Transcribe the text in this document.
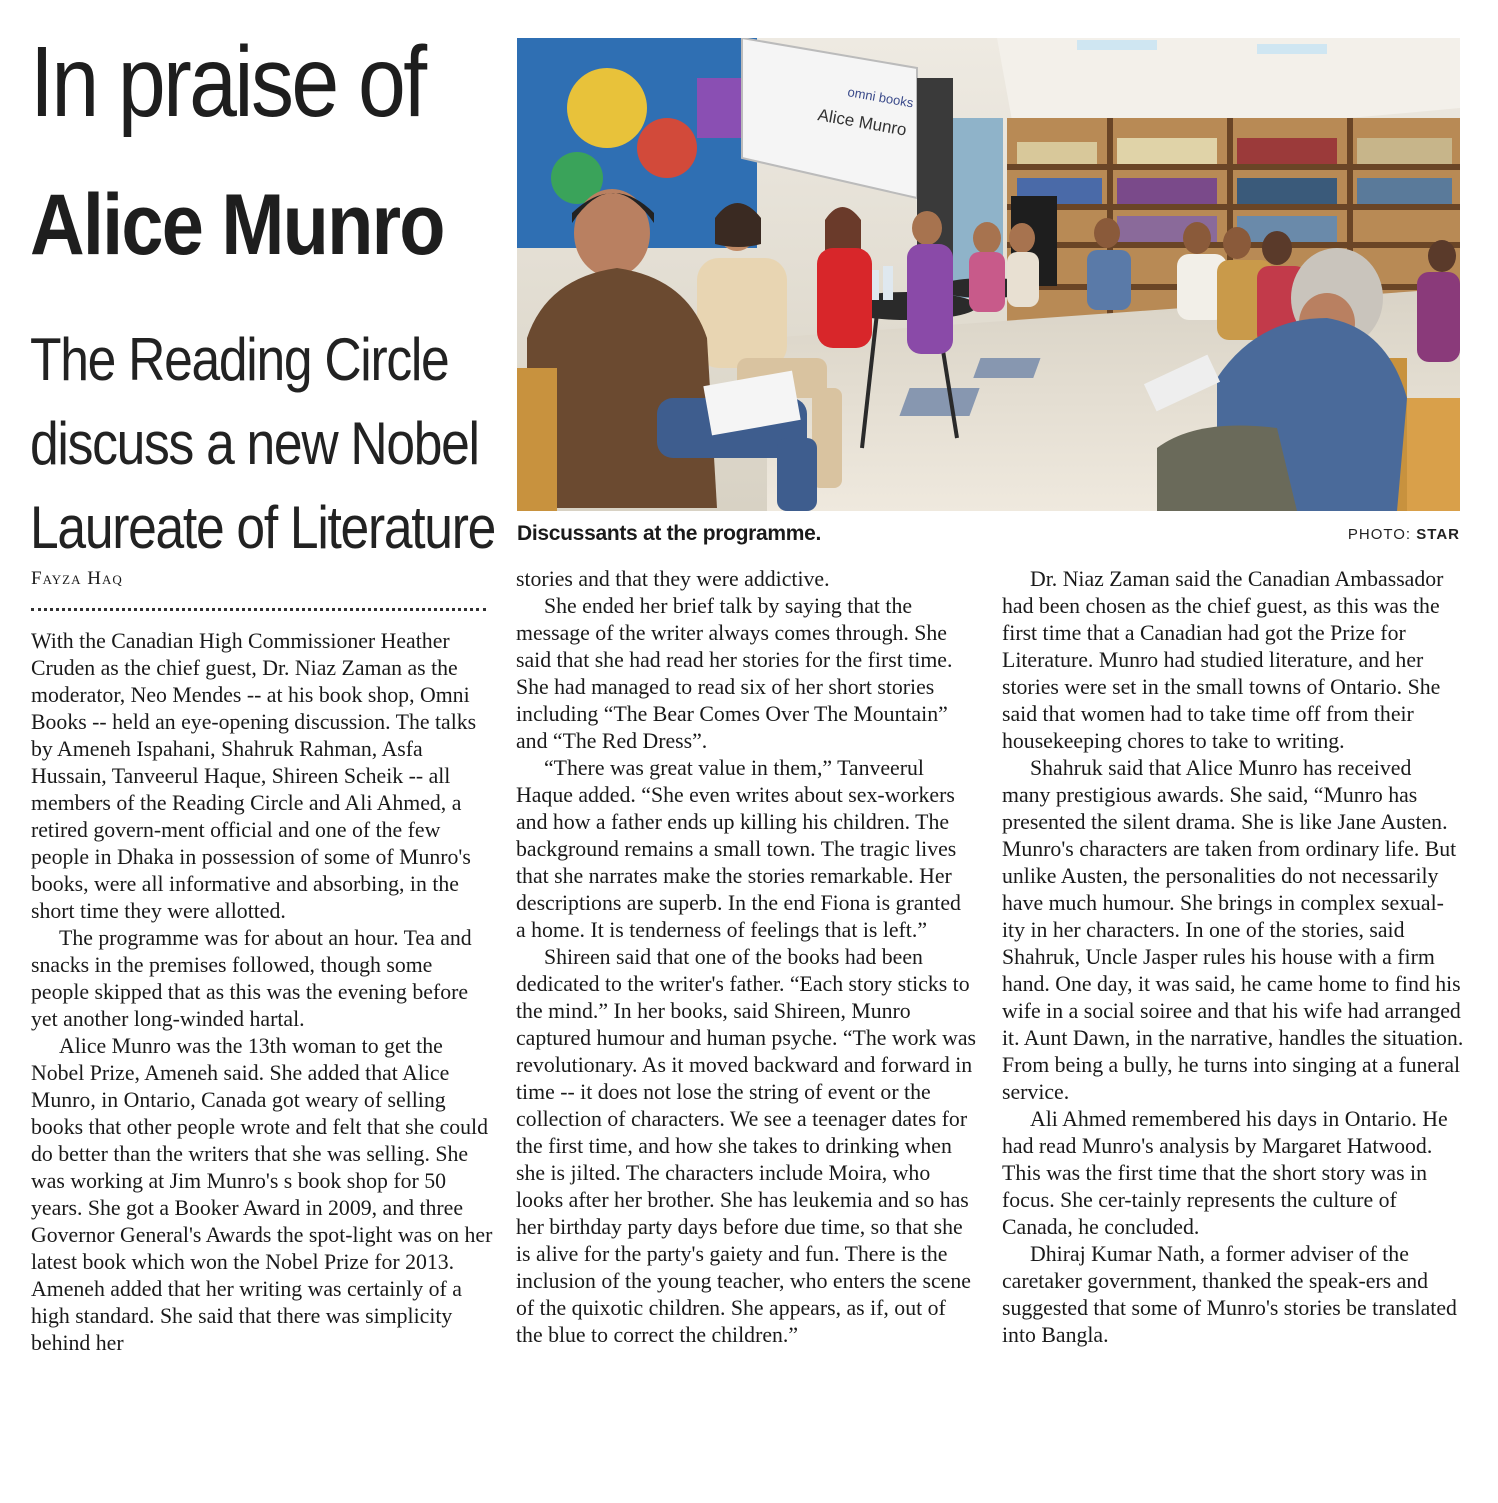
In praise of
Alice Munro
The Reading Circle
discuss a new Nobel
Laureate of Literature
Fayza Haq
omni books
Alice Munro
Discussants at the programme.	PHOTO: STAR

With the Canadian High Commissioner Heather Cruden as the chief guest, Dr. Niaz Zaman as the moderator, Neo Mendes -- at his book shop, Omni Books -- held an eye-opening discussion. The talks by Ameneh Ispahani, Shahruk Rahman, Asfa Hussain, Tanveerul Haque, Shireen Scheik -- all members of the Reading Circle and Ali Ahmed, a retired govern-ment official and one of the few people in Dhaka in possession of some of Munro's books, were all informative and absorbing, in the short time they were allotted.

The programme was for about an hour. Tea and snacks in the premises followed, though some people skipped that as this was the evening before yet another long-winded hartal.

Alice Munro was the 13th woman to get the Nobel Prize, Ameneh said. She added that Alice Munro, in Ontario, Canada got weary of selling books that other people wrote and felt that she could do better than the writers that she was selling. She was working at Jim Munro's s book shop for 50 years. She got a Booker Award in 2009, and three Governor General's Awards the spot-light was on her latest book which won the Nobel Prize for 2013. Ameneh added that her writing was certainly of a high standard. She said that there was simplicity behind her

stories and that they were addictive.

She ended her brief talk by saying that the message of the writer always comes through. She said that she had read her stories for the first time. She had managed to read six of her short stories including “The Bear Comes Over The Mountain” and “The Red Dress”.

“There was great value in them,” Tanveerul Haque added. “She even writes about sex-workers and how a father ends up killing his children. The background remains a small town. The tragic lives that she narrates make the stories remarkable. Her descriptions are superb. In the end Fiona is granted a home. It is tenderness of feelings that is left.”

Shireen said that one of the books had been dedicated to the writer's father. “Each story sticks to the mind.” In her books, said Shireen, Munro captured humour and human psyche. “The work was revolutionary. As it moved backward and forward in time -- it does not lose the string of event or the collection of characters. We see a teenager dates for the first time, and how she takes to drinking when she is jilted. The characters include Moira, who looks after her brother. She has leukemia and so has her birthday party days before due time, so that she is alive for the party's gaiety and fun. There is the inclusion of the young teacher, who enters the scene of the quixotic children. She appears, as if, out of the blue to correct the children.”

Dr. Niaz Zaman said the Canadian Ambassador had been chosen as the chief guest, as this was the first time that a Canadian had got the Prize for Literature. Munro had studied literature, and her stories were set in the small towns of Ontario. She said that women had to take time off from their housekeeping chores to take to writing.

Shahruk said that Alice Munro has received many prestigious awards. She said, “Munro has presented the silent drama. She is like Jane Austen. Munro's characters are taken from ordinary life. But unlike Austen, the personalities do not necessarily have much humour. She brings in complex sexual-ity in her characters. In one of the stories, said Shahruk, Uncle Jasper rules his house with a firm hand. One day, it was said, he came home to find his wife in a social soiree and that his wife had arranged it. Aunt Dawn, in the narrative, handles the situation. From being a bully, he turns into singing at a funeral service.

Ali Ahmed remembered his days in Ontario. He had read Munro's analysis by Margaret Hatwood. This was the first time that the short story was in focus. She cer-tainly represents the culture of Canada, he concluded.

Dhiraj Kumar Nath, a former adviser of the caretaker government, thanked the speak-ers and suggested that some of Munro's stories be translated into Bangla.
